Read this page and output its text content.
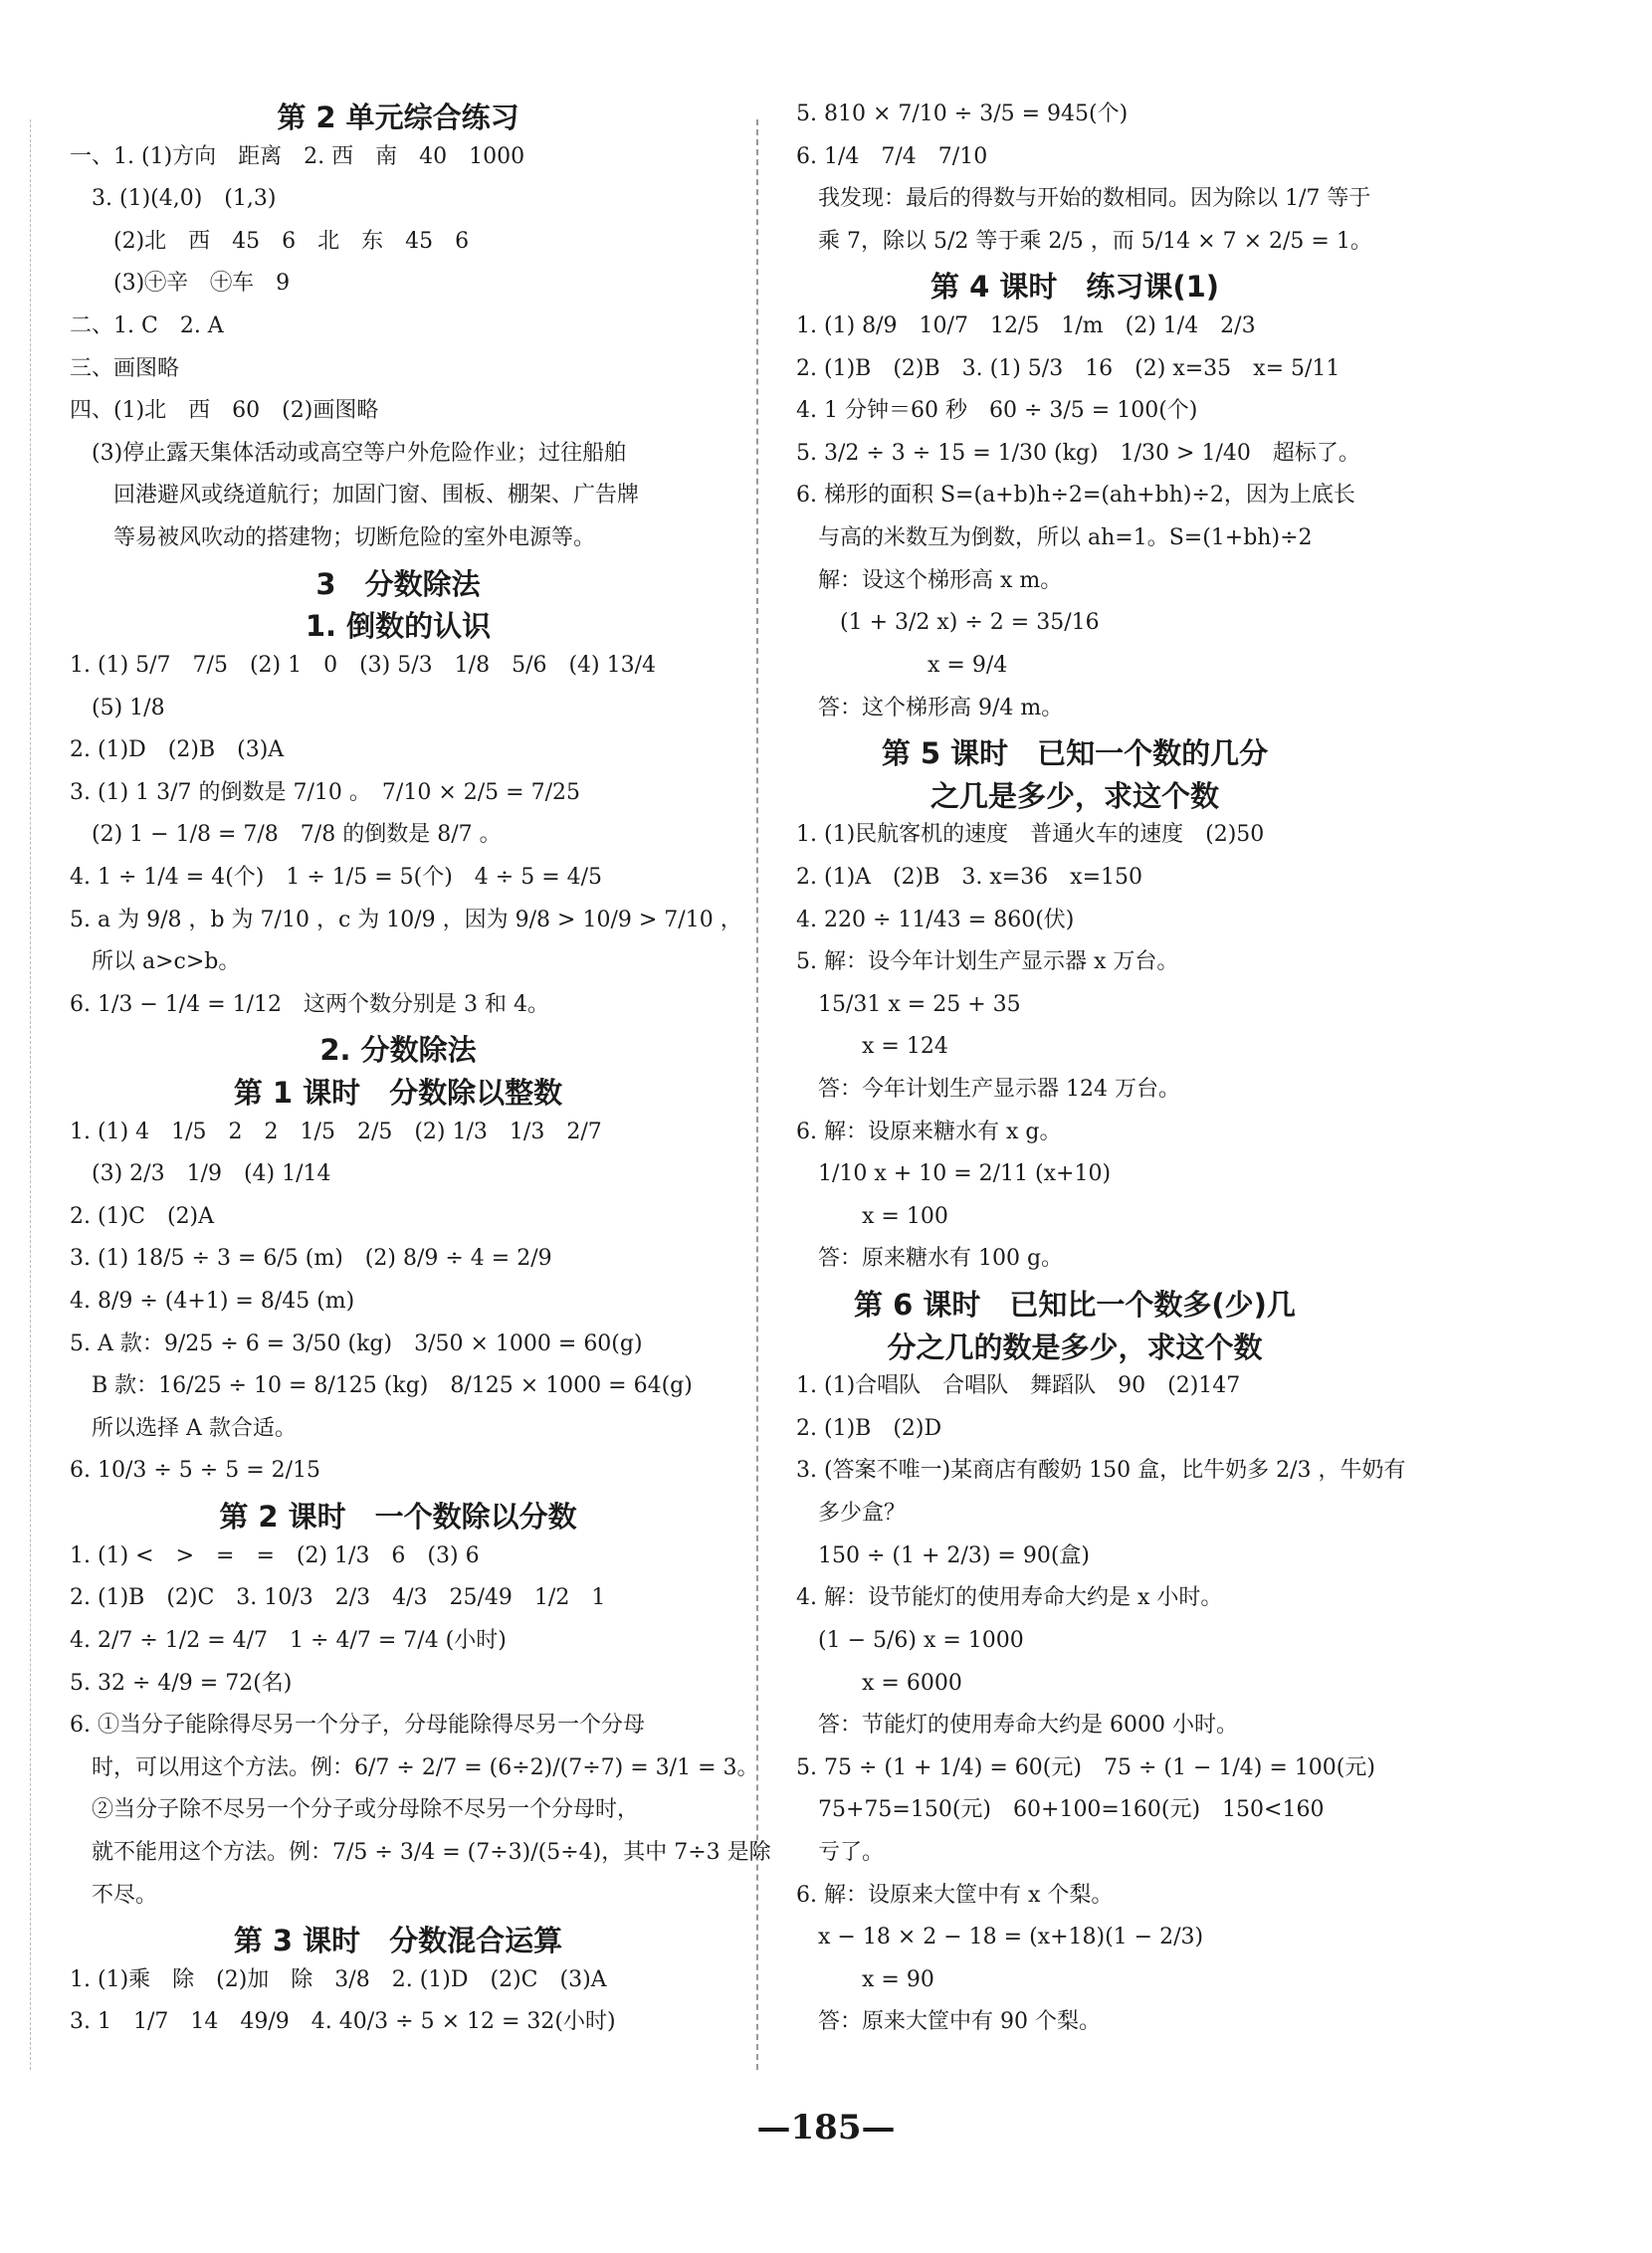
第 2 单元综合练习
一、1. (1)方向　距离　2. 西　南　40　1000
　3. (1)(4,0)　(1,3)
　　(2)北　西　45　6　北　东　45　6
　　(3)㊉辛　㊉车　9
二、1. C　2. A
三、画图略
四、(1)北　西　60　(2)画图略
　(3)停止露天集体活动或高空等户外危险作业；过往船舶
　　回港避风或绕道航行；加固门窗、围板、棚架、广告牌
　　等易被风吹动的搭建物；切断危险的室外电源等。
3　分数除法
1. 倒数的认识
1. (1) 5/7　7/5　(2) 1　0　(3) 5/3　1/8　5/6　(4) 13/4
　(5) 1/8
2. (1)D　(2)B　(3)A
3. (1) 1 3/7 的倒数是 7/10 。　7/10 × 2/5 = 7/25
　(2) 1 − 1/8 = 7/8　7/8 的倒数是 8/7 。
4. 1 ÷ 1/4 = 4(个)　1 ÷ 1/5 = 5(个)　4 ÷ 5 = 4/5
5. a 为 9/8 ，b 为 7/10 ，c 为 10/9 ，因为 9/8 > 10/9 > 7/10 ，
　所以 a>c>b。
6. 1/3 − 1/4 = 1/12　这两个数分别是 3 和 4。
2. 分数除法
第 1 课时　分数除以整数
1. (1) 4　1/5　2　2　1/5　2/5　(2) 1/3　1/3　2/7
　(3) 2/3　1/9　(4) 1/14
2. (1)C　(2)A
3. (1) 18/5 ÷ 3 = 6/5 (m)　(2) 8/9 ÷ 4 = 2/9
4. 8/9 ÷ (4+1) = 8/45 (m)
5. A 款：9/25 ÷ 6 = 3/50 (kg)　3/50 × 1000 = 60(g)
　B 款：16/25 ÷ 10 = 8/125 (kg)　8/125 × 1000 = 64(g)
　所以选择 A 款合适。
6. 10/3 ÷ 5 ÷ 5 = 2/15
第 2 课时　一个数除以分数
1. (1) <　>　=　=　(2) 1/3　6　(3) 6
2. (1)B　(2)C　3. 10/3　2/3　4/3　25/49　1/2　1
4. 2/7 ÷ 1/2 = 4/7　1 ÷ 4/7 = 7/4 (小时)
5. 32 ÷ 4/9 = 72(名)
6. ①当分子能除得尽另一个分子，分母能除得尽另一个分母
　时，可以用这个方法。例：6/7 ÷ 2/7 = (6÷2)/(7÷7) = 3/1 = 3。
　②当分子除不尽另一个分子或分母除不尽另一个分母时，
　就不能用这个方法。例：7/5 ÷ 3/4 = (7÷3)/(5÷4)，其中 7÷3 是除
　不尽。
第 3 课时　分数混合运算
1. (1)乘　除　(2)加　除　3/8　2. (1)D　(2)C　(3)A
3. 1　1/7　14　49/9　4. 40/3 ÷ 5 × 12 = 32(小时)
5. 810 × 7/10 ÷ 3/5 = 945(个)
6. 1/4　7/4　7/10
　我发现：最后的得数与开始的数相同。因为除以 1/7 等于
　乘 7，除以 5/2 等于乘 2/5 ，而 5/14 × 7 × 2/5 = 1。
第 4 课时　练习课(1)
1. (1) 8/9　10/7　12/5　1/m　(2) 1/4　2/3
2. (1)B　(2)B　3. (1) 5/3　16　(2) x=35　x= 5/11
4. 1 分钟＝60 秒　60 ÷ 3/5 = 100(个)
5. 3/2 ÷ 3 ÷ 15 = 1/30 (kg)　1/30 > 1/40　超标了。
6. 梯形的面积 S=(a+b)h÷2=(ah+bh)÷2，因为上底长
　与高的米数互为倒数，所以 ah=1。S=(1+bh)÷2
　解：设这个梯形高 x m。
　　(1 + 3/2 x) ÷ 2 = 35/16
　　　　　　x = 9/4
　答：这个梯形高 9/4 m。
第 5 课时　已知一个数的几分
之几是多少，求这个数
1. (1)民航客机的速度　普通火车的速度　(2)50
2. (1)A　(2)B　3. x=36　x=150
4. 220 ÷ 11/43 = 860(伏)
5. 解：设今年计划生产显示器 x 万台。
　15/31 x = 25 + 35
　　　x = 124
　答：今年计划生产显示器 124 万台。
6. 解：设原来糖水有 x g。
　1/10 x + 10 = 2/11 (x+10)
　　　x = 100
　答：原来糖水有 100 g。
第 6 课时　已知比一个数多(少)几
分之几的数是多少，求这个数
1. (1)合唱队　合唱队　舞蹈队　90　(2)147
2. (1)B　(2)D
3. (答案不唯一)某商店有酸奶 150 盒，比牛奶多 2/3 ，牛奶有
　多少盒？
　150 ÷ (1 + 2/3) = 90(盒)
4. 解：设节能灯的使用寿命大约是 x 小时。
　(1 − 5/6) x = 1000
　　　x = 6000
　答：节能灯的使用寿命大约是 6000 小时。
5. 75 ÷ (1 + 1/4) = 60(元)　75 ÷ (1 − 1/4) = 100(元)
　75+75=150(元)　60+100=160(元)　150<160
　亏了。
6. 解：设原来大筐中有 x 个梨。
　x − 18 × 2 − 18 = (x+18)(1 − 2/3)
　　　x = 90
　答：原来大筐中有 90 个梨。
—185—
